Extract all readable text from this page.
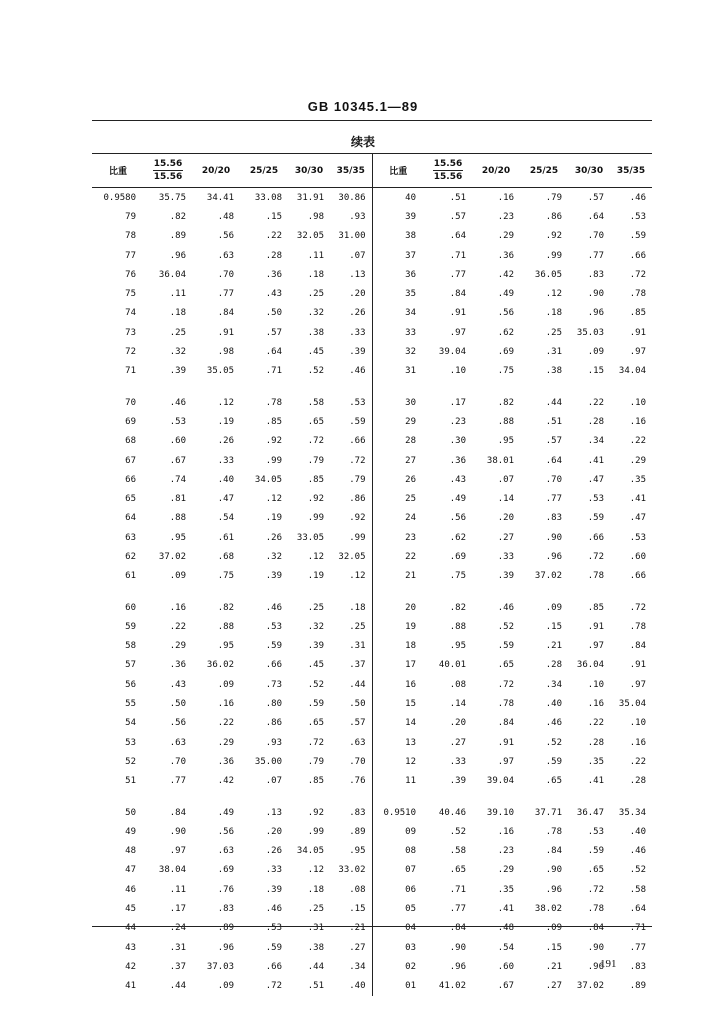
GB 10345.1—89
续表
比重	$\frac{15.56}{15.56}$	20/20	25/25	30/30	35/35	比重	$\frac{15.56}{15.56}$	20/20	25/25	30/30	35/35
0.9580	35.75	34.41	33.08	31.91	30.86	40	.51	.16	.79	.57	.46
79	.82	.48	.15	.98	.93	39	.57	.23	.86	.64	.53
78	.89	.56	.22	32.05	31.00	38	.64	.29	.92	.70	.59
77	.96	.63	.28	.11	.07	37	.71	.36	.99	.77	.66
76	36.04	.70	.36	.18	.13	36	.77	.42	36.05	.83	.72
75	.11	.77	.43	.25	.20	35	.84	.49	.12	.90	.78
74	.18	.84	.50	.32	.26	34	.91	.56	.18	.96	.85
73	.25	.91	.57	.38	.33	33	.97	.62	.25	35.03	.91
72	.32	.98	.64	.45	.39	32	39.04	.69	.31	.09	.97
71	.39	35.05	.71	.52	.46	31	.10	.75	.38	.15	34.04

70	.46	.12	.78	.58	.53	30	.17	.82	.44	.22	.10
69	.53	.19	.85	.65	.59	29	.23	.88	.51	.28	.16
68	.60	.26	.92	.72	.66	28	.30	.95	.57	.34	.22
67	.67	.33	.99	.79	.72	27	.36	38.01	.64	.41	.29
66	.74	.40	34.05	.85	.79	26	.43	.07	.70	.47	.35
65	.81	.47	.12	.92	.86	25	.49	.14	.77	.53	.41
64	.88	.54	.19	.99	.92	24	.56	.20	.83	.59	.47
63	.95	.61	.26	33.05	.99	23	.62	.27	.90	.66	.53
62	37.02	.68	.32	.12	32.05	22	.69	.33	.96	.72	.60
61	.09	.75	.39	.19	.12	21	.75	.39	37.02	.78	.66

60	.16	.82	.46	.25	.18	20	.82	.46	.09	.85	.72
59	.22	.88	.53	.32	.25	19	.88	.52	.15	.91	.78
58	.29	.95	.59	.39	.31	18	.95	.59	.21	.97	.84
57	.36	36.02	.66	.45	.37	17	40.01	.65	.28	36.04	.91
56	.43	.09	.73	.52	.44	16	.08	.72	.34	.10	.97
55	.50	.16	.80	.59	.50	15	.14	.78	.40	.16	35.04
54	.56	.22	.86	.65	.57	14	.20	.84	.46	.22	.10
53	.63	.29	.93	.72	.63	13	.27	.91	.52	.28	.16
52	.70	.36	35.00	.79	.70	12	.33	.97	.59	.35	.22
51	.77	.42	.07	.85	.76	11	.39	39.04	.65	.41	.28

50	.84	.49	.13	.92	.83	0.9510	40.46	39.10	37.71	36.47	35.34
49	.90	.56	.20	.99	.89	09	.52	.16	.78	.53	.40
48	.97	.63	.26	34.05	.95	08	.58	.23	.84	.59	.46
47	38.04	.69	.33	.12	33.02	07	.65	.29	.90	.65	.52
46	.11	.76	.39	.18	.08	06	.71	.35	.96	.72	.58
45	.17	.83	.46	.25	.15	05	.77	.41	38.02	.78	.64
44	.24	.89	.53	.31	.21	04	.84	.48	.09	.84	.71
43	.31	.96	.59	.38	.27	03	.90	.54	.15	.90	.77
42	.37	37.03	.66	.44	.34	02	.96	.60	.21	.96	.83
41	.44	.09	.72	.51	.40	01	41.02	.67	.27	37.02	.89
191
